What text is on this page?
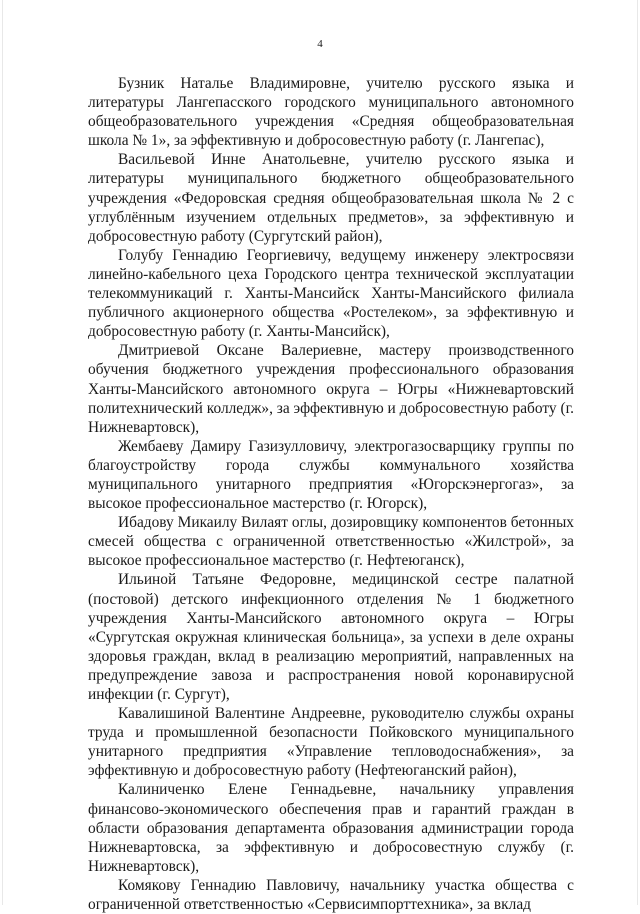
4

Бузник Наталье Владимировне, учителю русского языка и литературы Лангепасского городского муниципального автономного общеобразовательного учреждения «Средняя общеобразовательная школа № 1», за эффективную и добросовестную работу (г. Лангепас),

Васильевой Инне Анатольевне, учителю русского языка и литературы муниципального бюджетного общеобразовательного учреждения «Федоровская средняя общеобразовательная школа № 2 с углублённым изучением отдельных предметов», за эффективную и добросовестную работу (Сургутский район),

Голубу Геннадию Георгиевичу, ведущему инженеру электросвязи линейно-кабельного цеха Городского центра технической эксплуатации телекоммуникаций г. Ханты-Мансийск Ханты-Мансийского филиала публичного акционерного общества «Ростелеком», за эффективную и добросовестную работу (г. Ханты-Мансийск),

Дмитриевой Оксане Валериевне, мастеру производственного обучения бюджетного учреждения профессионального образования Ханты-Мансийского автономного округа – Югры «Нижневартовский политехнический колледж», за эффективную и добросовестную работу (г. Нижневартовск),

Жембаеву Дамиру Газизулловичу, электрогазосварщику группы по благоустройству города службы коммунального хозяйства муниципального унитарного предприятия «Югорскэнергогаз», за высокое профессиональное мастерство (г. Югорск),

Ибадову Микаилу Вилаят оглы, дозировщику компонентов бетонных смесей общества с ограниченной ответственностью «Жилстрой», за высокое профессиональное мастерство (г. Нефтеюганск),

Ильиной Татьяне Федоровне, медицинской сестре палатной (постовой) детского инфекционного отделения № 1 бюджетного учреждения Ханты-Мансийского автономного округа – Югры «Сургутская окружная клиническая больница», за успехи в деле охраны здоровья граждан, вклад в реализацию мероприятий, направленных на предупреждение завоза и распространения новой коронавирусной инфекции (г. Сургут),

Кавалишиной Валентине Андреевне, руководителю службы охраны труда и промышленной безопасности Пойковского муниципального унитарного предприятия «Управление тепловодоснабжения», за эффективную и добросовестную работу (Нефтеюганский район),

Калиниченко Елене Геннадьевне, начальнику управления финансово-экономического обеспечения прав и гарантий граждан в области образования департамента образования администрации города Нижневартовска, за эффективную и добросовестную службу (г. Нижневартовск),

Комякову Геннадию Павловичу, начальнику участка общества с ограниченной ответственностью «Сервисимпорттехника», за вклад
